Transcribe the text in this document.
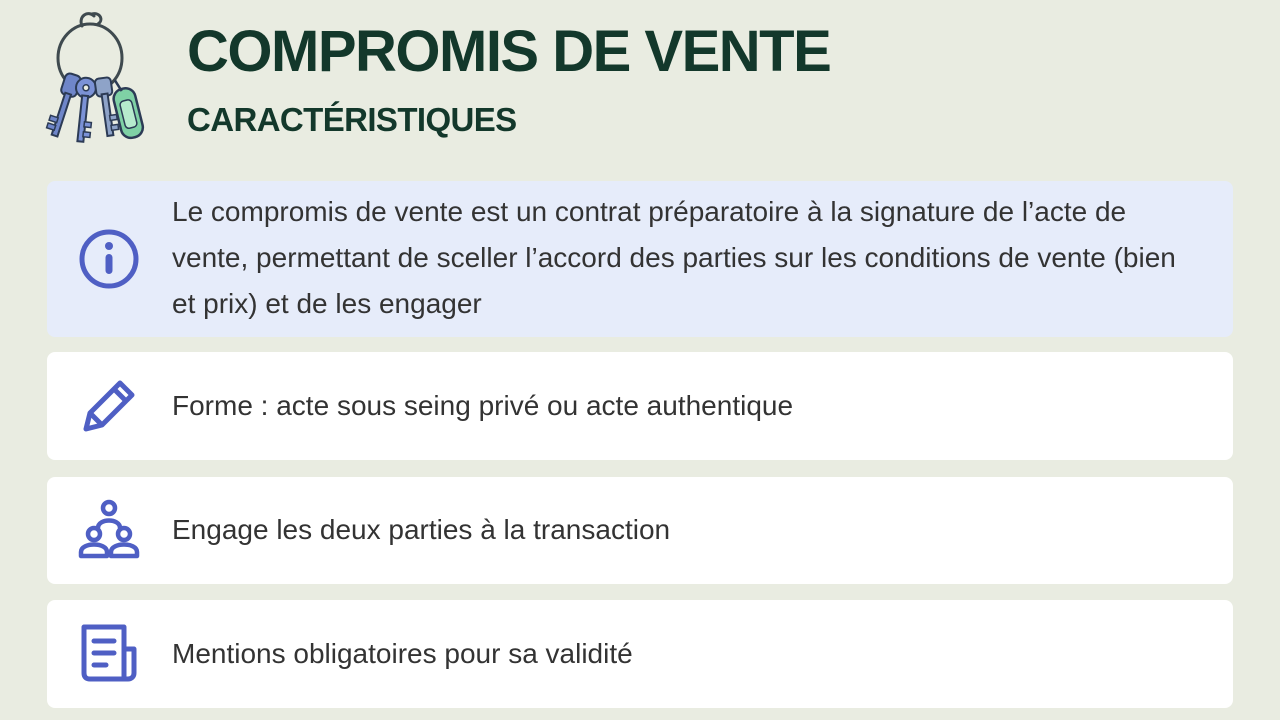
COMPROMIS DE VENTE
CARACTÉRISTIQUES
Le compromis de vente est un contrat préparatoire à la signature de l’acte de vente, permettant de sceller l’accord des parties sur les conditions de vente (bien et prix) et de les engager
Forme : acte sous seing privé ou acte authentique
Engage les deux parties à la transaction
Mentions obligatoires pour sa validité
